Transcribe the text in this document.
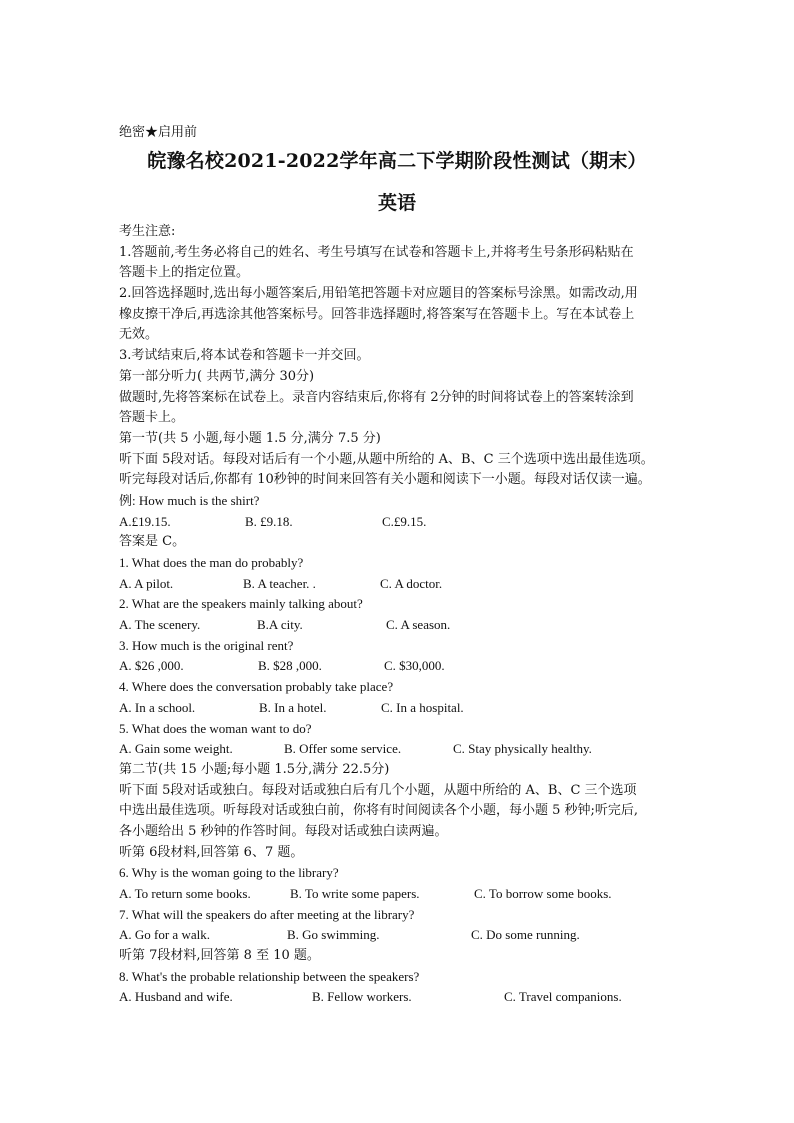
绝密★启用前
皖豫名校2021-2022学年高二下学期阶段性测试（期末）
英语
考生注意:
1.答题前,考生务必将自己的姓名、考生号填写在试卷和答题卡上,并将考生号条形码粘贴在
答题卡上的指定位置。
2.回答选择题时,选出每小题答案后,用铅笔把答题卡对应题目的答案标号涂黑。如需改动,用
橡皮擦干净后,再选涂其他答案标号。回答非选择题时,将答案写在答题卡上。写在本试卷上
无效。
3.考试结束后,将本试卷和答题卡一并交回。
第一部分听力( 共两节,满分 30分)
做题时,先将答案标在试卷上。录音内容结束后,你将有 2分钟的时间将试卷上的答案转涂到
答题卡上。
第一节(共 5 小题,每小题 1.5 分,满分 7.5 分)
听下面 5段对话。每段对话后有一个小题,从题中所给的 A、B、C 三个选项中选出最佳选项。
听完每段对话后,你都有 10秒钟的时间来回答有关小题和阅读下一小题。每段对话仅读一遍。
例: How much is the shirt?
A.£19.15.	B. £9.18.	C.£9.15.
答案是 C。
1. What does the man do probably?
A. A pilot.	B. A teacher. .	C. A doctor.
2. What are the speakers mainly talking about?
A. The scenery.	B.A city.	C. A season.
3. How much is the original rent?
A. $26 ,000.	B. $28 ,000.	C. $30,000.
4. Where does the conversation probably take place?
A. In a school.	B. In a hotel.	C. In a hospital.
5. What does the woman want to do?
A. Gain some weight.	B. Offer some service.	C. Stay physically healthy.
第二节(共 15 小题;每小题 1.5分,满分 22.5分)
听下面 5段对话或独白。每段对话或独白后有几个小题，从题中所给的 A、B、C 三个选项
中选出最佳选项。听每段对话或独白前，你将有时间阅读各个小题，每小题 5 秒钟;听完后,
各小题给出 5 秒钟的作答时间。每段对话或独白读两遍。
听第 6段材料,回答第 6、7 题。
6. Why is the woman going to the library?
A. To return some books.	B. To write some papers.	C. To borrow some books.
7. What will the speakers do after meeting at the library?
A. Go for a walk.	B. Go swimming.	C. Do some running.
听第 7段材料,回答第 8 至 10 题。
8. What's the probable relationship between the speakers?
A. Husband and wife.	B. Fellow workers.	C. Travel companions.
